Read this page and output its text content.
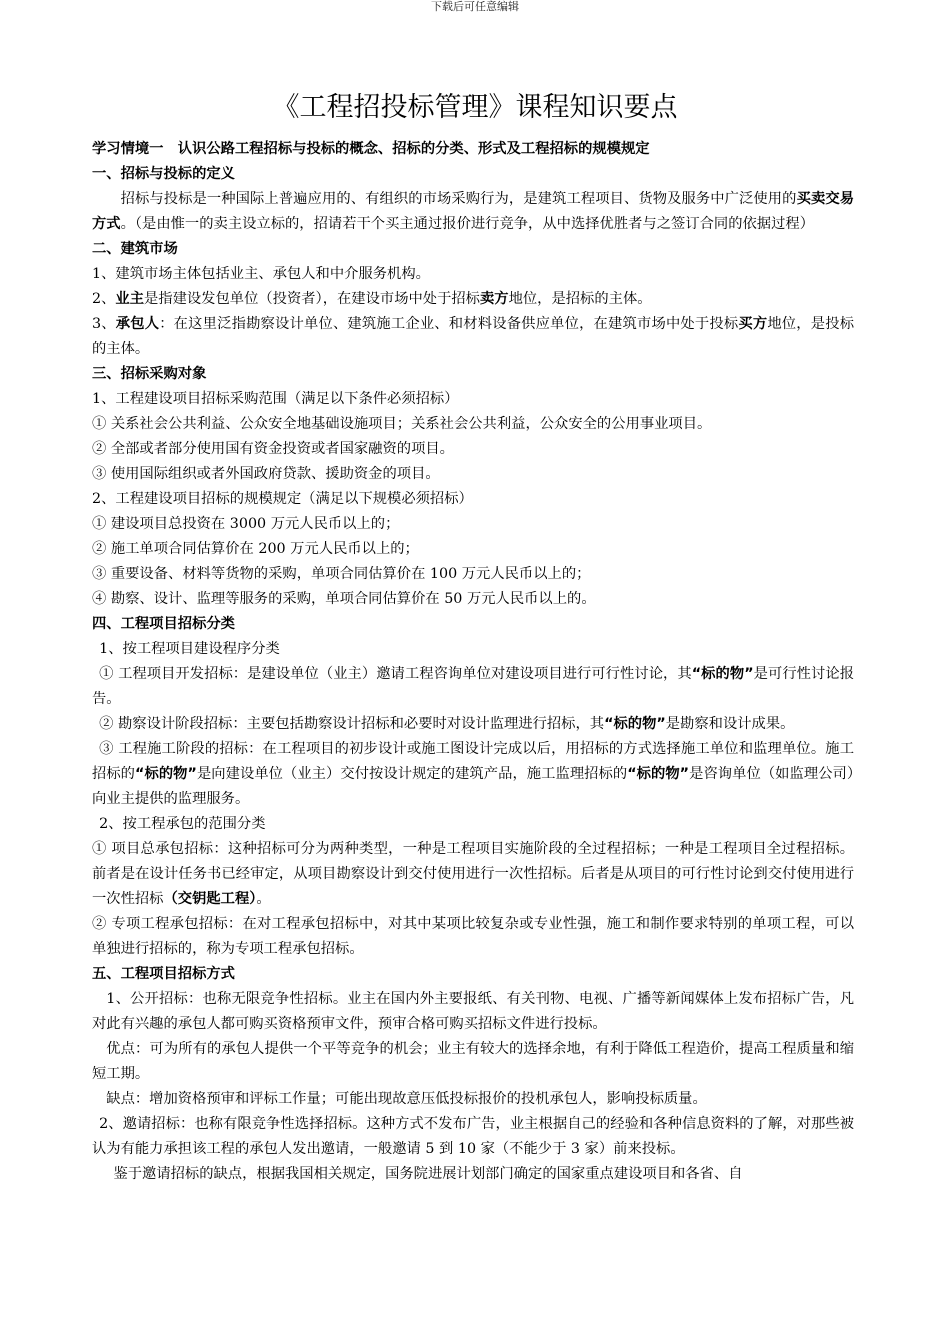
下载后可任意编辑
《工程招投标管理》课程知识要点

学习情境一　认识公路工程招标与投标的概念、招标的分类、形式及工程招标的规模规定

一、招标与投标的定义

招标与投标是一种国际上普遍应用的、有组织的市场采购行为，是建筑工程项目、货物及服务中广泛使用的买卖交易方式。（是由惟一的卖主设立标的，招请若干个买主通过报价进行竞争，从中选择优胜者与之签订合同的依据过程）

二、建筑市场

1、建筑市场主体包括业主、承包人和中介服务机构。

2、业主是指建设发包单位（投资者），在建设市场中处于招标卖方地位，是招标的主体。

3、承包人：在这里泛指勘察设计单位、建筑施工企业、和材料设备供应单位，在建筑市场中处于投标买方地位，是投标的主体。

三、招标采购对象

1、工程建设项目招标采购范围（满足以下条件必须招标）

① 关系社会公共利益、公众安全地基础设施项目；关系社会公共利益，公众安全的公用事业项目。

② 全部或者部分使用国有资金投资或者国家融资的项目。

③ 使用国际组织或者外国政府贷款、援助资金的项目。

2、工程建设项目招标的规模规定（满足以下规模必须招标）

① 建设项目总投资在 3000 万元人民币以上的；

② 施工单项合同估算价在 200 万元人民币以上的；

③ 重要设备、材料等货物的采购，单项合同估算价在 100 万元人民币以上的；

④ 勘察、设计、监理等服务的采购，单项合同估算价在 50 万元人民币以上的。

四、工程项目招标分类

1、按工程项目建设程序分类

① 工程项目开发招标：是建设单位（业主）邀请工程咨询单位对建设项目进行可行性讨论，其“标的物”是可行性讨论报告。

② 勘察设计阶段招标：主要包括勘察设计招标和必要时对设计监理进行招标，其“标的物”是勘察和设计成果。

③ 工程施工阶段的招标：在工程项目的初步设计或施工图设计完成以后，用招标的方式选择施工单位和监理单位。施工招标的“标的物”是向建设单位（业主）交付按设计规定的建筑产品，施工监理招标的“标的物”是咨询单位（如监理公司）向业主提供的监理服务。

2、按工程承包的范围分类

① 项目总承包招标：这种招标可分为两种类型，一种是工程项目实施阶段的全过程招标；一种是工程项目全过程招标。前者是在设计任务书已经审定，从项目勘察设计到交付使用进行一次性招标。后者是从项目的可行性讨论到交付使用进行一次性招标（交钥匙工程）。

② 专项工程承包招标：在对工程承包招标中，对其中某项比较复杂或专业性强，施工和制作要求特别的单项工程，可以单独进行招标的，称为专项工程承包招标。

五、工程项目招标方式

1、公开招标：也称无限竞争性招标。业主在国内外主要报纸、有关刊物、电视、广播等新闻媒体上发布招标广告，凡对此有兴趣的承包人都可购买资格预审文件，预审合格可购买招标文件进行投标。

优点：可为所有的承包人提供一个平等竞争的机会；业主有较大的选择余地，有利于降低工程造价，提高工程质量和缩短工期。

缺点：增加资格预审和评标工作量；可能出现故意压低投标报价的投机承包人，影响投标质量。

2、邀请招标：也称有限竞争性选择招标。这种方式不发布广告，业主根据自己的经验和各种信息资料的了解，对那些被认为有能力承担该工程的承包人发出邀请，一般邀请 5 到 10 家（不能少于 3 家）前来投标。

鉴于邀请招标的缺点，根据我国相关规定，国务院进展计划部门确定的国家重点建设项目和各省、自
